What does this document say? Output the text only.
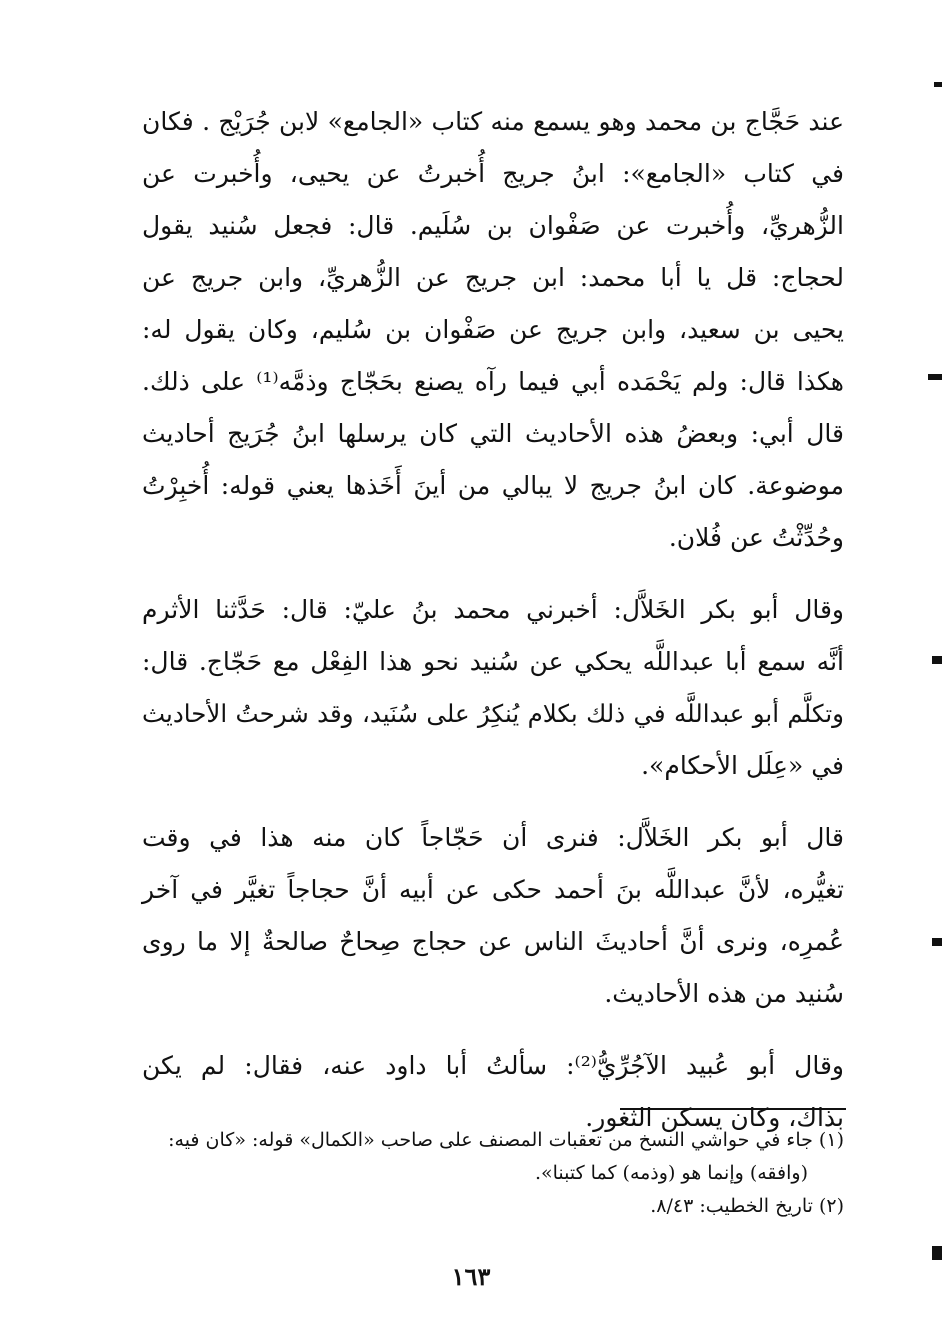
عند حَجَّاج بن محمد وهو يسمع منه كتاب «الجامع» لابن جُرَيْج . فكان
في كتاب «الجامع»: ابنُ جريج أُخبرتُ عن يحيى، وأُخبرت عن
الزُّهريِّ، وأُخبرت عن صَفْوان بن سُلَيم. قال: فجعل سُنيد يقول
لحجاج: قل يا أبا محمد: ابن جريج عن الزُّهريِّ، وابن جريج عن
يحيى بن سعيد، وابن جريج عن صَفْوان بن سُليم، وكان يقول له:
هكذا قال: ولم يَحْمَده أبي فيما رآه يصنع بحَجّاج وذمَّه⁽¹⁾ على ذلك.
قال أبي: وبعضُ هذه الأحاديث التي كان يرسلها ابنُ جُرَيج أحاديث
موضوعة. كان ابنُ جريج لا يبالي من أينَ أَخَذها يعني قوله: أُخبِرْتُ
وحُدِّثْتُ عن فُلان.
وقال أبو بكر الخَلاَّل: أخبرني محمد بنُ عليّ: قال: حَدَّثنا الأثرم
أنَّه سمع أبا عبداللَّه يحكي عن سُنيد نحو هذا الفِعْل مع حَجّاج. قال:
وتكلَّم أبو عبداللَّه في ذلك بكلام يُنكِرُ على سُنَيد، وقد شرحتُ الأحاديث
في «عِلَل الأحكام».
قال أبو بكر الخَلاَّل: فنرى أن حَجّاجاً كان منه هذا في وقت
تغيُّره، لأنَّ عبداللَّه بنَ أحمد حكى عن أبيه أنَّ حجاجاً تغيَّر في آخر
عُمرِه، ونرى أنَّ أحاديثَ الناس عن حجاج صِحاحٌ صالحةٌ إلا ما روى
سُنيد من هذه الأحاديث.
وقال أبو عُبيد الآجُرِّيُّ⁽²⁾: سألتُ أبا داود عنه، فقال: لم يكن
بذاك، وكان يسكن الثغور.
(١) جاء في حواشي النسخ من تعقبات المصنف على صاحب «الكمال» قوله: «كان فيه:
(وافقه) وإنما هو (وذمه) كما كتبنا».
(٢) تاريخ الخطيب: ٨/٤٣.
١٦٣
